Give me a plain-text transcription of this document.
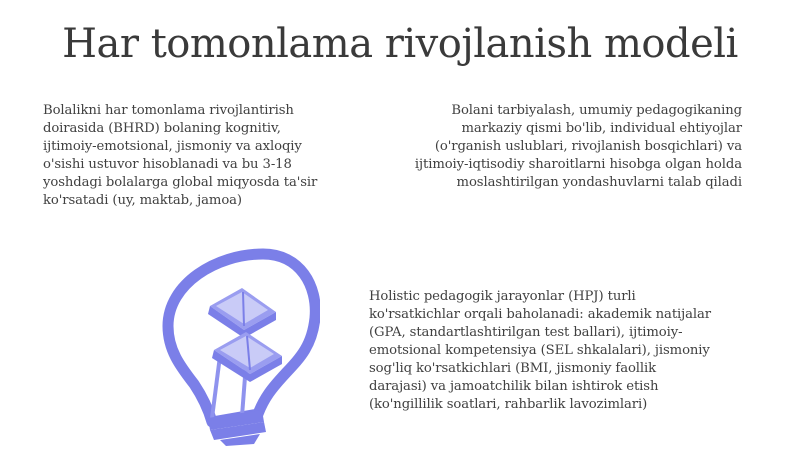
Har tomonlama rivojlanish modeli
Bolalikni har tomonlama rivojlantirish
doirasida (BHRD) bolaning kognitiv,
ijtimoiy-emotsional, jismoniy va axloqiy
o'sishi ustuvor hisoblanadi va bu 3-18
yoshdagi bolalarga global miqyosda ta'sir
ko'rsatadi (uy, maktab, jamoa)
Bolani tarbiyalash, umumiy pedagogikaning
markaziy qismi bo'lib, individual ehtiyojlar
(o'rganish uslublari, rivojlanish bosqichlari) va
ijtimoiy-iqtisodiy sharoitlarni hisobga olgan holda
moslashtirilgan yondashuvlarni talab qiladi
Holistic pedagogik jarayonlar (HPJ) turli
ko'rsatkichlar orqali baholanadi: akademik natijalar
(GPA, standartlashtirilgan test ballari), ijtimoiy-
emotsional kompetensiya (SEL shkalalari), jismoniy
sog'liq ko'rsatkichlari (BMI, jismoniy faollik
darajasi) va jamoatchilik bilan ishtirok etish
(ko'ngillilik soatlari, rahbarlik lavozimlari)
